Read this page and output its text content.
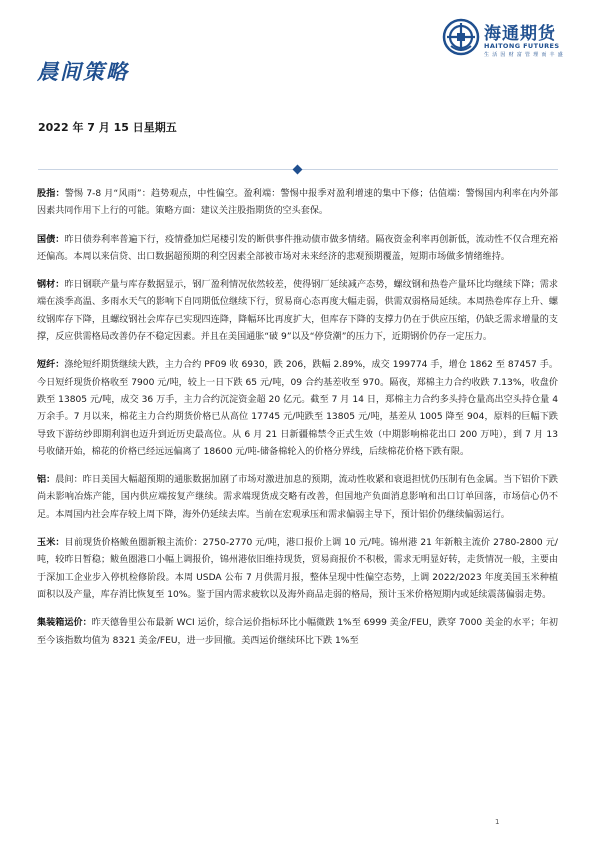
晨间策略
2022 年 7 月 15 日星期五
海通期货
HAITONG FUTURES
生 活 因 财 富 管 理 而 丰 盛

股指：警惕 7-8 月“风雨”：趋势观点，中性偏空。盈利端：警惕中报季对盈利增速的集中下修；估值端：警惕国内利率在内外部因素共同作用下上行的可能。策略方面：建议关注股指期货的空头套保。

国债：昨日债券利率普遍下行，疫情叠加烂尾楼引发的断供事件推动债市做多情绪。隔夜资金利率再创新低，流动性不仅合理充裕还偏高。本周以来信贷、出口数据超预期的利空因素全部被市场对未来经济的悲观预期覆盖，短期市场做多情绪维持。

钢材：昨日钢联产量与库存数据显示，钢厂盈利情况依然较差，使得钢厂延续减产态势，螺纹钢和热卷产量环比均继续下降；需求端在淡季高温、多雨水天气的影响下自同期低位继续下行，贸易商心态再度大幅走弱，供需双弱格局延续。本周热卷库存上升、螺纹钢库存下降，且螺纹钢社会库存已实现四连降，降幅环比再度扩大，但库存下降的支撑力仍在于供应压缩，仍缺乏需求增量的支撑，反应供需格局改善仍存不稳定因素。并且在美国通胀“破 9”以及“停贷潮”的压力下，近期钢价仍存一定压力。

短纤：涤纶短纤期货继续大跌，主力合约 PF09 收 6930，跌 206，跌幅 2.89%，成交 199774 手，增仓 1862 至 87457 手。今日短纤现货价格收至 7900 元/吨，较上一日下跌 65 元/吨，09 合约基差收至 970。隔夜，郑棉主力合约收跌 7.13%，收盘价跌至 13805 元/吨，成交 36 万手，主力合约沉淀资金超 20 亿元。截至 7 月 14 日，郑棉主力合约多头持仓量高出空头持仓量 4 万余手。7 月以来，棉花主力合约期货价格已从高位 17745 元/吨跌至 13805 元/吨，基差从 1005 降至 904，原料的巨幅下跌导致下游纺纱即期利润也迈升到近历史最高位。从 6 月 21 日新疆棉禁令正式生效（中期影响棉花出口 200 万吨），到 7 月 13 号收储开始，棉花的价格已经远远偏离了 18600 元/吨-储备棉轮入的价格分界线，后续棉花价格下跌有限。

铝：晨间：昨日美国大幅超预期的通胀数据加剧了市场对激进加息的预期，流动性收紧和衰退担忧仍压制有色金属。当下铝价下跌尚未影响冶炼产能，国内供应端按复产继续。需求端现货成交略有改善，但国地产负面消息影响和出口订单回落，市场信心仍不足。本周国内社会库存较上周下降，海外仍延续去库。当前在宏观承压和需求偏弱主导下，预计铝价仍继续偏弱运行。

玉米：目前现货价格鲅鱼圈新粮主流价：2750-2770 元/吨，港口报价上调 10 元/吨。锦州港 21 年新粮主流价 2780-2800 元/吨，较昨日暂稳；鲅鱼圈港口小幅上调报价，锦州港依旧维持现货，贸易商报价不积极，需求无明显好转，走货情况一般，主要由于深加工企业步入停机检修阶段。本周 USDA 公布 7 月供需月报，整体呈现中性偏空态势，上调 2022/2023 年度美国玉米种植面积以及产量，库存消比恢复至 10%。鉴于国内需求疲软以及海外商品走弱的格局，预计玉米价格短期内或延续震荡偏弱走势。

集装箱运价：昨天德鲁里公布最新 WCI 运价，综合运价指标环比小幅微跌 1%至 6999 美金/FEU，跌穿 7000 美金的水平；年初至今该指数均值为 8321 美金/FEU，进一步回撤。美西运价继续环比下跌 1%至

1
